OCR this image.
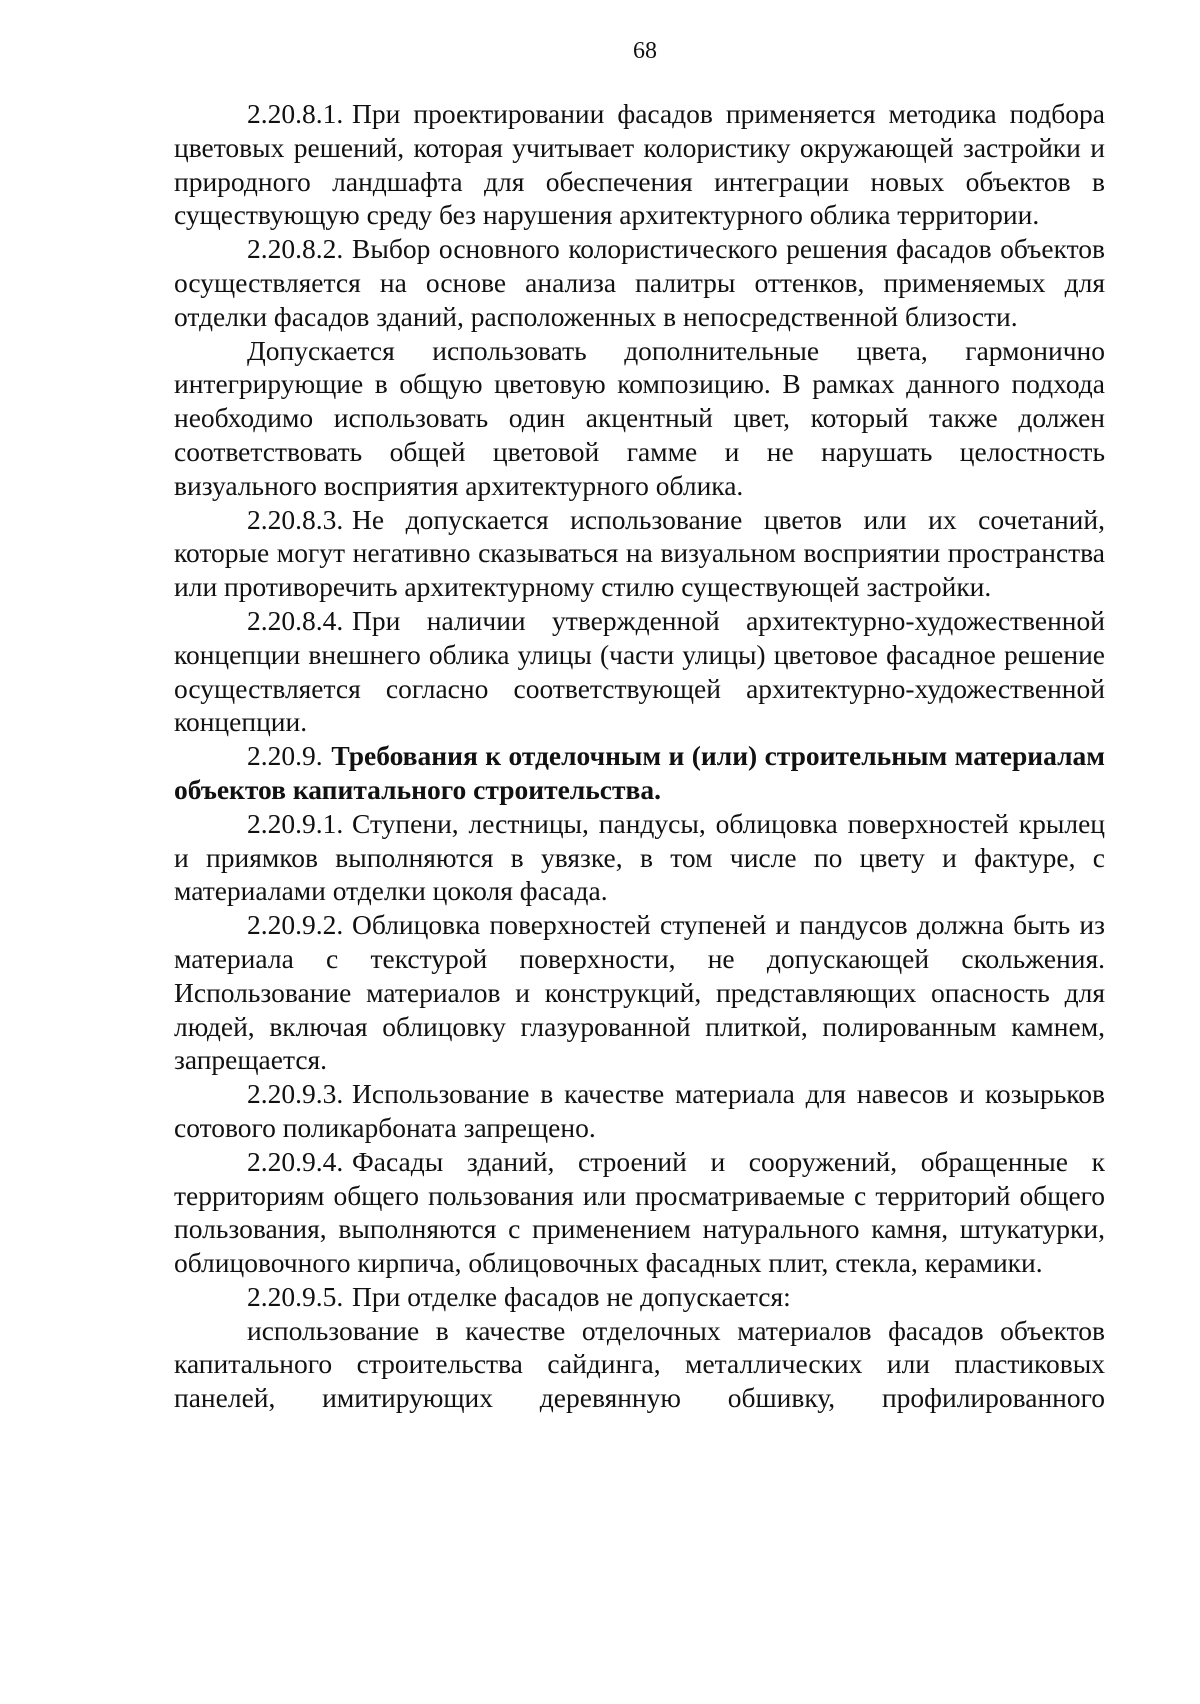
68

2.20.8.1. При проектировании фасадов применяется методика подбора цветовых решений, которая учитывает колористику окружающей застройки и природного ландшафта для обеспечения интеграции новых объектов в существующую среду без нарушения архитектурного облика территории.

2.20.8.2. Выбор основного колористического решения фасадов объектов осуществляется на основе анализа палитры оттенков, применяемых для отделки фасадов зданий, расположенных в непосредственной близости.

Допускается использовать дополнительные цвета, гармонично интегрирующие в общую цветовую композицию. В рамках данного подхода необходимо использовать один акцентный цвет, который также должен соответствовать общей цветовой гамме и не нарушать целостность визуального восприятия архитектурного облика.

2.20.8.3. Не допускается использование цветов или их сочетаний, которые могут негативно сказываться на визуальном восприятии пространства или противоречить архитектурному стилю существующей застройки.

2.20.8.4. При наличии утвержденной архитектурно-художественной концепции внешнего облика улицы (части улицы) цветовое фасадное решение осуществляется согласно соответствующей архитектурно-художественной концепции.

2.20.9. Требования к отделочным и (или) строительным материалам объектов капитального строительства.

2.20.9.1. Ступени, лестницы, пандусы, облицовка поверхностей крылец и приямков выполняются в увязке, в том числе по цвету и фактуре, с материалами отделки цоколя фасада.

2.20.9.2. Облицовка поверхностей ступеней и пандусов должна быть из материала с текстурой поверхности, не допускающей скольжения. Использование материалов и конструкций, представляющих опасность для людей, включая облицовку глазурованной плиткой, полированным камнем, запрещается.

2.20.9.3. Использование в качестве материала для навесов и козырьков сотового поликарбоната запрещено.

2.20.9.4. Фасады зданий, строений и сооружений, обращенные к территориям общего пользования или просматриваемые с территорий общего пользования, выполняются с применением натурального камня, штукатурки, облицовочного кирпича, облицовочных фасадных плит, стекла, керамики.

2.20.9.5. При отделке фасадов не допускается:

использование в качестве отделочных материалов фасадов объектов капитального строительства сайдинга, металлических или пластиковых панелей, имитирующих деревянную обшивку, профилированного
